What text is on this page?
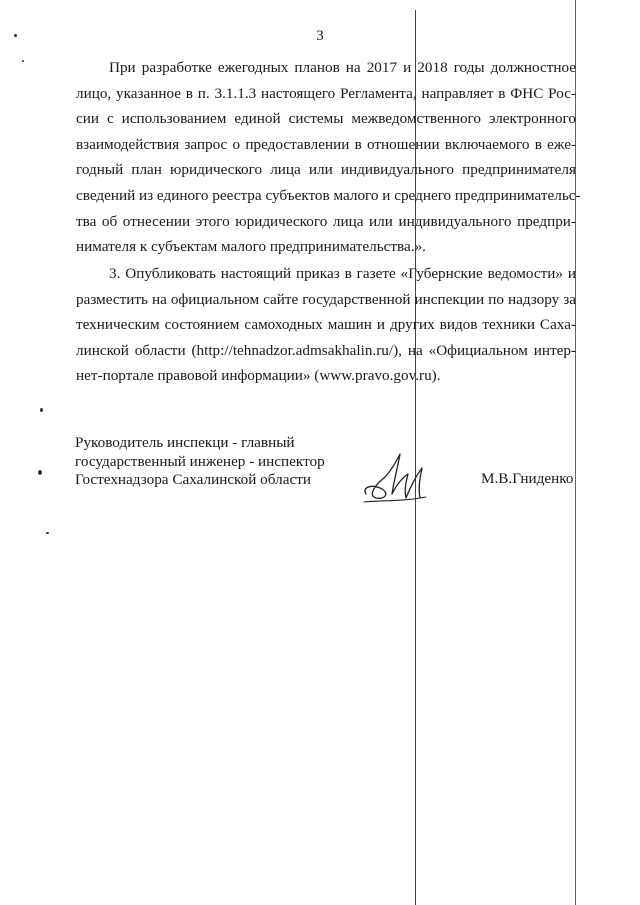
3
При разработке ежегодных планов на 2017 и 2018 годы должностное
лицо, указанное в п. 3.1.1.3 настоящего Регламента, направляет в ФНС Рос-
сии с использованием единой системы межведомственного электронного
взаимодействия запрос о предоставлении в отношении включаемого в еже-
годный план юридического лица или индивидуального предпринимателя
сведений из единого реестра субъектов малого и среднего предпринимательс-
тва об отнесении этого юридического лица или индивидуального предпри-
нимателя к субъектам малого предпринимательства.».
3. Опубликовать настоящий приказ в газете «Губернские ведомости» и
разместить на официальном сайте государственной инспекции по надзору за
техническим состоянием самоходных машин и других видов техники Саха-
линской области (http://tehnadzor.admsakhalin.ru/), на «Официальном интер-
нет-портале правовой информации» (www.pravo.gov.ru).
Руководитель инспекци - главный
государственный инженер - инспектор
Гостехнадзора Сахалинской области	М.В.Гниденко
